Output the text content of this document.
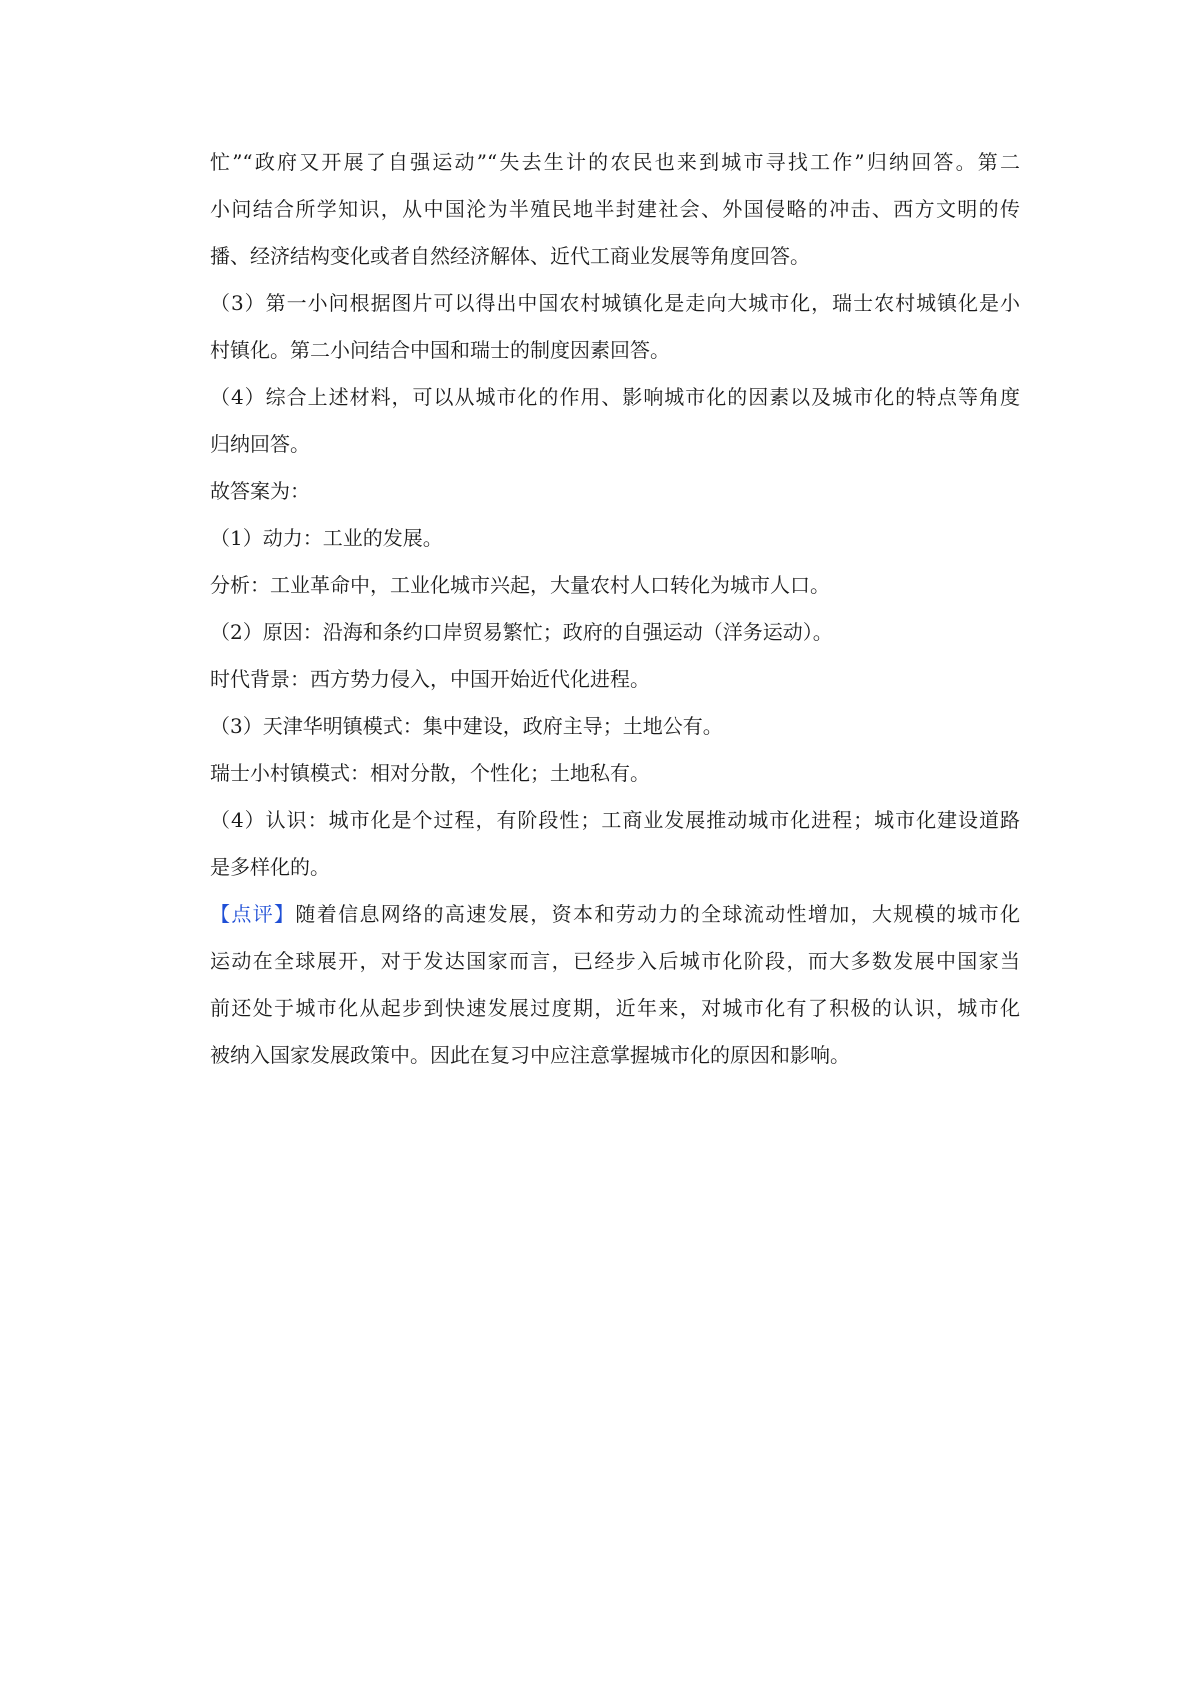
忙”“政府又开展了自强运动”“失去生计的农民也来到城市寻找工作”归纳回答。第二
小问结合所学知识，从中国沦为半殖民地半封建社会、外国侵略的冲击、西方文明的传
播、经济结构变化或者自然经济解体、近代工商业发展等角度回答。
（3）第一小问根据图片可以得出中国农村城镇化是走向大城市化，瑞士农村城镇化是小
村镇化。第二小问结合中国和瑞士的制度因素回答。
（4）综合上述材料，可以从城市化的作用、影响城市化的因素以及城市化的特点等角度
归纳回答。
故答案为：
（1）动力：工业的发展。
分析：工业革命中，工业化城市兴起，大量农村人口转化为城市人口。
（2）原因：沿海和条约口岸贸易繁忙；政府的自强运动（洋务运动）。
时代背景：西方势力侵入，中国开始近代化进程。
（3）天津华明镇模式：集中建设，政府主导；土地公有。
瑞士小村镇模式：相对分散，个性化；土地私有。
（4）认识：城市化是个过程，有阶段性；工商业发展推动城市化进程；城市化建设道路
是多样化的。
【点评】随着信息网络的高速发展，资本和劳动力的全球流动性增加，大规模的城市化
运动在全球展开，对于发达国家而言，已经步入后城市化阶段，而大多数发展中国家当
前还处于城市化从起步到快速发展过度期，近年来，对城市化有了积极的认识，城市化
被纳入国家发展政策中。因此在复习中应注意掌握城市化的原因和影响。
